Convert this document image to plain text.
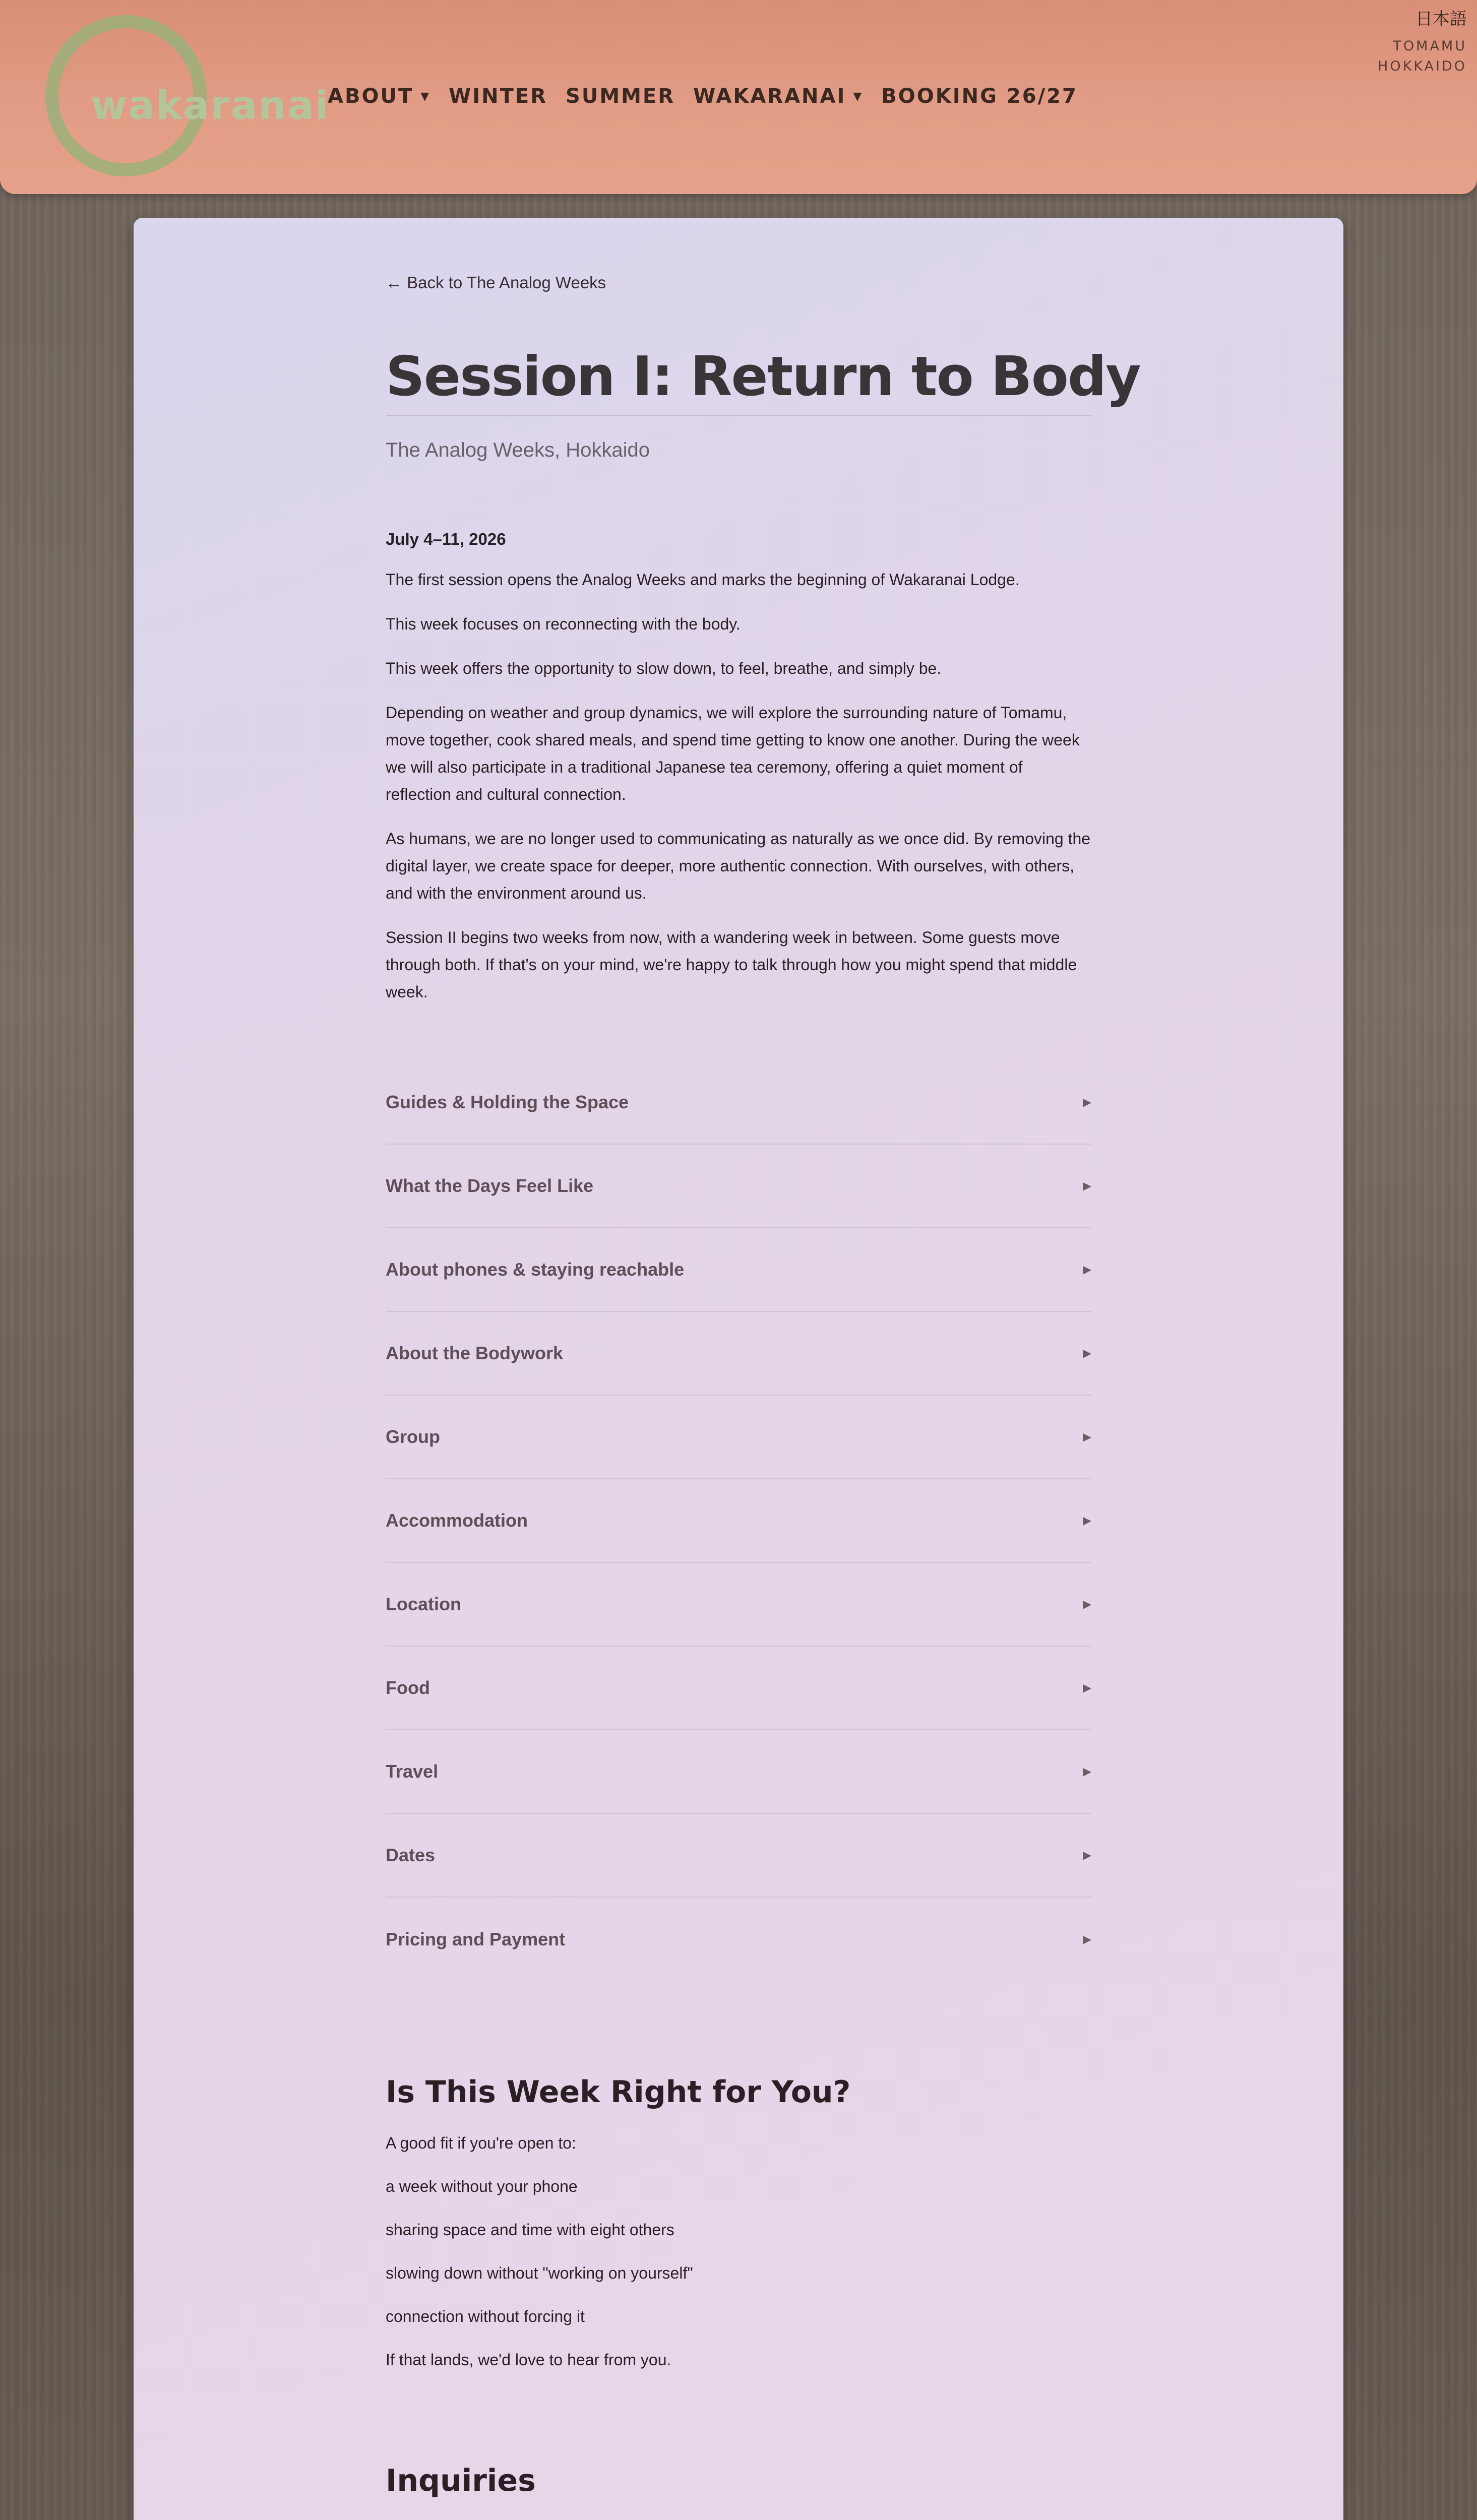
wakaranai
ABOUT ▼ WINTER SUMMER WAKARANAI ▼ BOOKING 26/27
日本語
TOMAMU
HOKKAIDO
← Back to The Analog Weeks
Session I: Return to Body
The Analog Weeks, Hokkaido
July 4–11, 2026

The first session opens the Analog Weeks and marks the beginning of Wakaranai Lodge.

This week focuses on reconnecting with the body.

This week offers the opportunity to slow down, to feel, breathe, and simply be.

Depending on weather and group dynamics, we will explore the surrounding nature of Tomamu, move together, cook shared meals, and spend time getting to know one another. During the week we will also participate in a traditional Japanese tea ceremony, offering a quiet moment of reflection and cultural connection.

As humans, we are no longer used to communicating as naturally as we once did. By removing the digital layer, we create space for deeper, more authentic connection. With ourselves, with others, and with the environment around us.

Session II begins two weeks from now, with a wandering week in between. Some guests move through both. If that's on your mind, we're happy to talk through how you might spend that middle week.

Guides & Holding the Space	▶
What the Days Feel Like	▶
About phones & staying reachable	▶
About the Bodywork	▶
Group	▶
Accommodation	▶
Location	▶
Food	▶
Travel	▶
Dates	▶
Pricing and Payment	▶
Is This Week Right for You?
A good fit if you're open to:
a week without your phone
sharing space and time with eight others
slowing down without "working on yourself"
connection without forcing it
If that lands, we'd love to hear from you.
Inquiries
